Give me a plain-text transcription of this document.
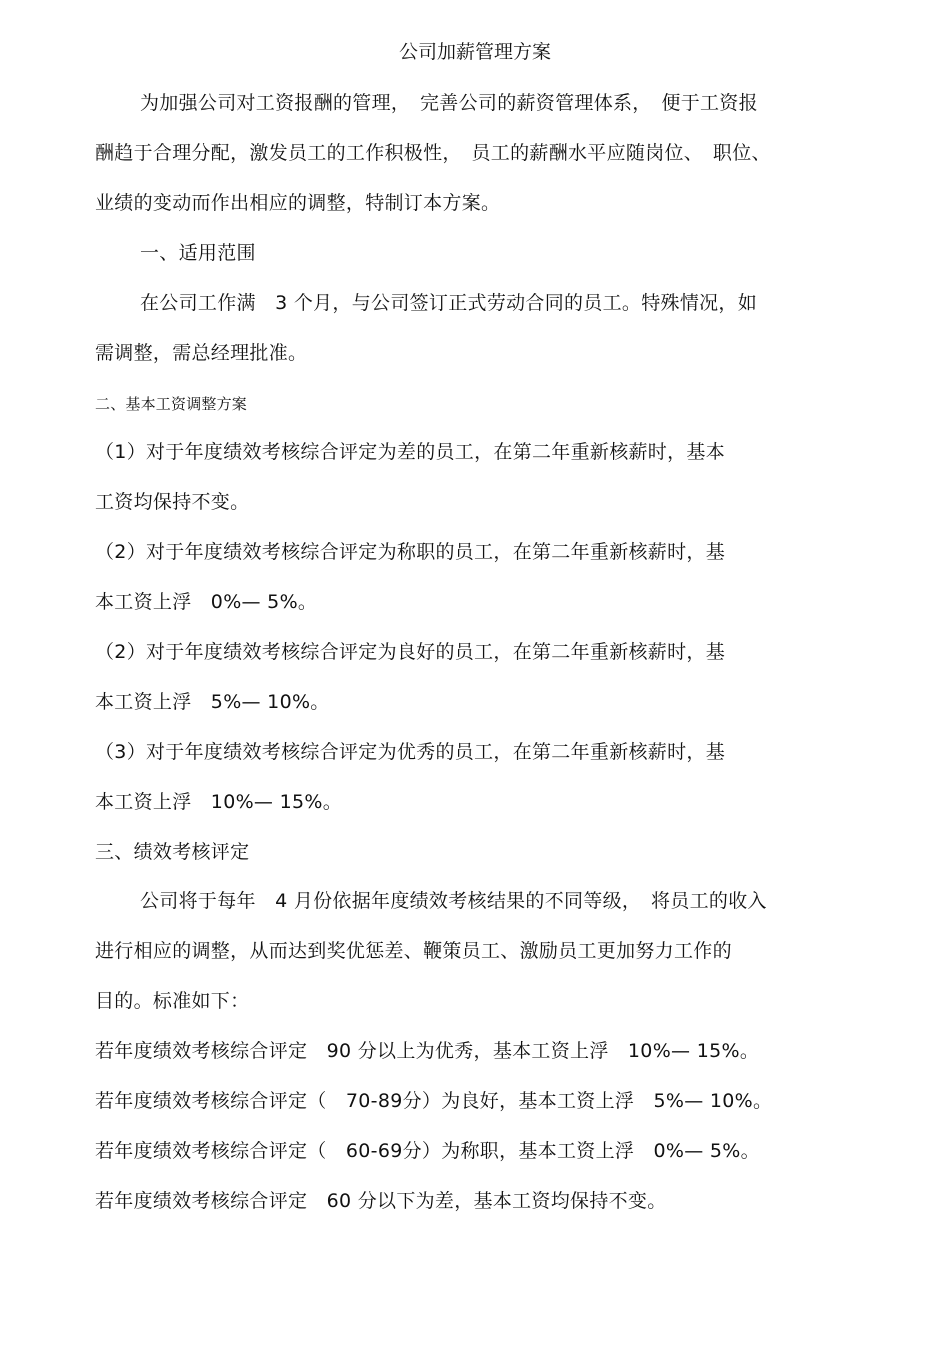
公司加薪管理方案
为加强公司对工资报酬的管理，　完善公司的薪资管理体系，　便于工资报
酬趋于合理分配，激发员工的工作积极性，　员工的薪酬水平应随岗位、　职位、
业绩的变动而作出相应的调整，特制订本方案。
一、适用范围
在公司工作满　3 个月，与公司签订正式劳动合同的员工。特殊情况，如
需调整，需总经理批准。
二、基本工资调整方案
（1）对于年度绩效考核综合评定为差的员工，在第二年重新核薪时，基本
工资均保持不变。
（2）对于年度绩效考核综合评定为称职的员工，在第二年重新核薪时，基
本工资上浮　0%— 5%。
（2）对于年度绩效考核综合评定为良好的员工，在第二年重新核薪时，基
本工资上浮　5%— 10%。
（3）对于年度绩效考核综合评定为优秀的员工，在第二年重新核薪时，基
本工资上浮　10%— 15%。
三、绩效考核评定
公司将于每年　4 月份依据年度绩效考核结果的不同等级，　将员工的收入
进行相应的调整，从而达到奖优惩差、鞭策员工、激励员工更加努力工作的
目的。标准如下：
若年度绩效考核综合评定　90 分以上为优秀，基本工资上浮　10%— 15%。
若年度绩效考核综合评定（　70-89分）为良好，基本工资上浮　5%— 10%。
若年度绩效考核综合评定（　60-69分）为称职，基本工资上浮　0%— 5%。
若年度绩效考核综合评定　60 分以下为差，基本工资均保持不变。
